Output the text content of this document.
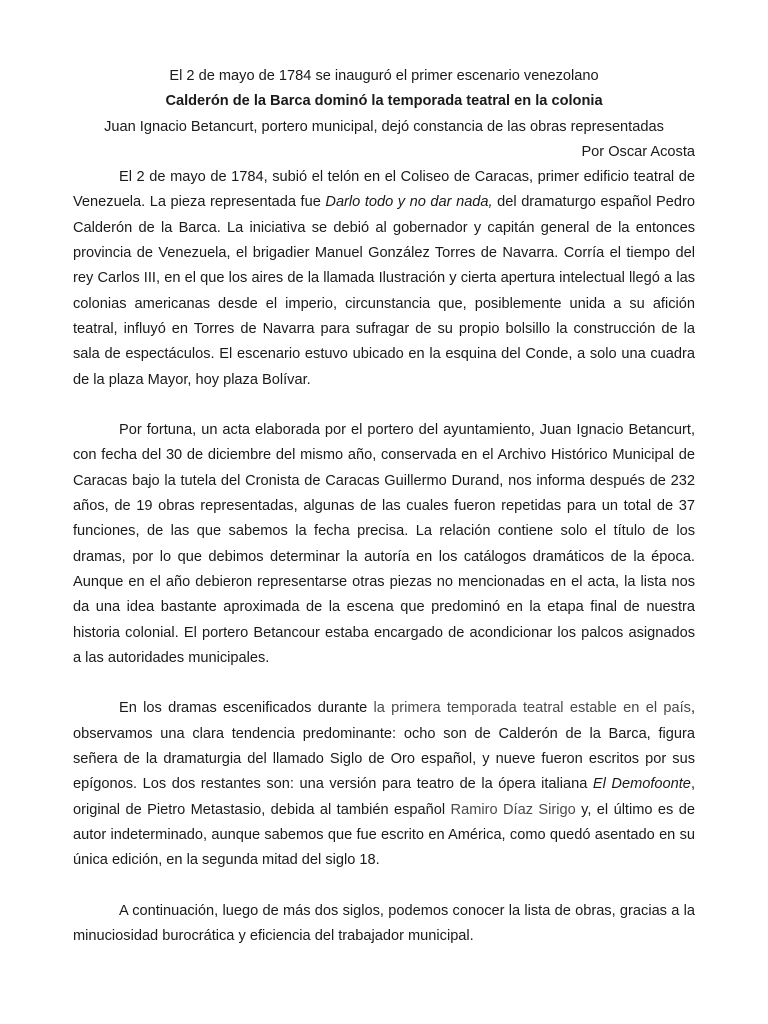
El 2 de mayo de 1784 se inauguró el primer escenario venezolano

Calderón de la Barca dominó la temporada teatral en la colonia

Juan Ignacio Betancurt, portero municipal, dejó constancia de las obras representadas

Por Oscar Acosta

El 2 de mayo de 1784, subió el telón en el Coliseo de Caracas, primer edificio teatral de Venezuela. La pieza representada fue Darlo todo y no dar nada, del dramaturgo español Pedro Calderón de la Barca. La iniciativa se debió al gobernador y capitán general de la entonces provincia de Venezuela, el brigadier Manuel González Torres de Navarra. Corría el tiempo del rey Carlos III, en el que los aires de la llamada Ilustración y cierta apertura intelectual llegó a las colonias americanas desde el imperio, circunstancia que, posiblemente unida a su afición teatral, influyó en Torres de Navarra para sufragar de su propio bolsillo la construcción de la sala de espectáculos. El escenario estuvo ubicado en la esquina del Conde, a solo una cuadra de la plaza Mayor, hoy plaza Bolívar.

Por fortuna, un acta elaborada por el portero del ayuntamiento, Juan Ignacio Betancurt, con fecha del 30 de diciembre del mismo año, conservada en el Archivo Histórico Municipal de Caracas bajo la tutela del Cronista de Caracas Guillermo Durand, nos informa después de 232 años, de 19 obras representadas, algunas de las cuales fueron repetidas para un total de 37 funciones, de las que sabemos la fecha precisa. La relación contiene solo el título de los dramas, por lo que debimos determinar la autoría en los catálogos dramáticos de la época. Aunque en el año debieron representarse otras piezas no mencionadas en el acta, la lista nos da una idea bastante aproximada de la escena que predominó en la etapa final de nuestra historia colonial. El portero Betancour estaba encargado de acondicionar los palcos asignados a las autoridades municipales.

En los dramas escenificados durante la primera temporada teatral estable en el país, observamos una clara tendencia predominante: ocho son de Calderón de la Barca, figura señera de la dramaturgia del llamado Siglo de Oro español, y nueve fueron escritos por sus epígonos. Los dos restantes son: una versión para teatro de la ópera italiana El Demofoonte, original de Pietro Metastasio, debida al también español Ramiro Díaz Sirigo y, el último es de autor indeterminado, aunque sabemos que fue escrito en América, como quedó asentado en su única edición, en la segunda mitad del siglo 18.

A continuación, luego de más dos siglos, podemos conocer la lista de obras, gracias a la minuciosidad burocrática y eficiencia del trabajador municipal.
